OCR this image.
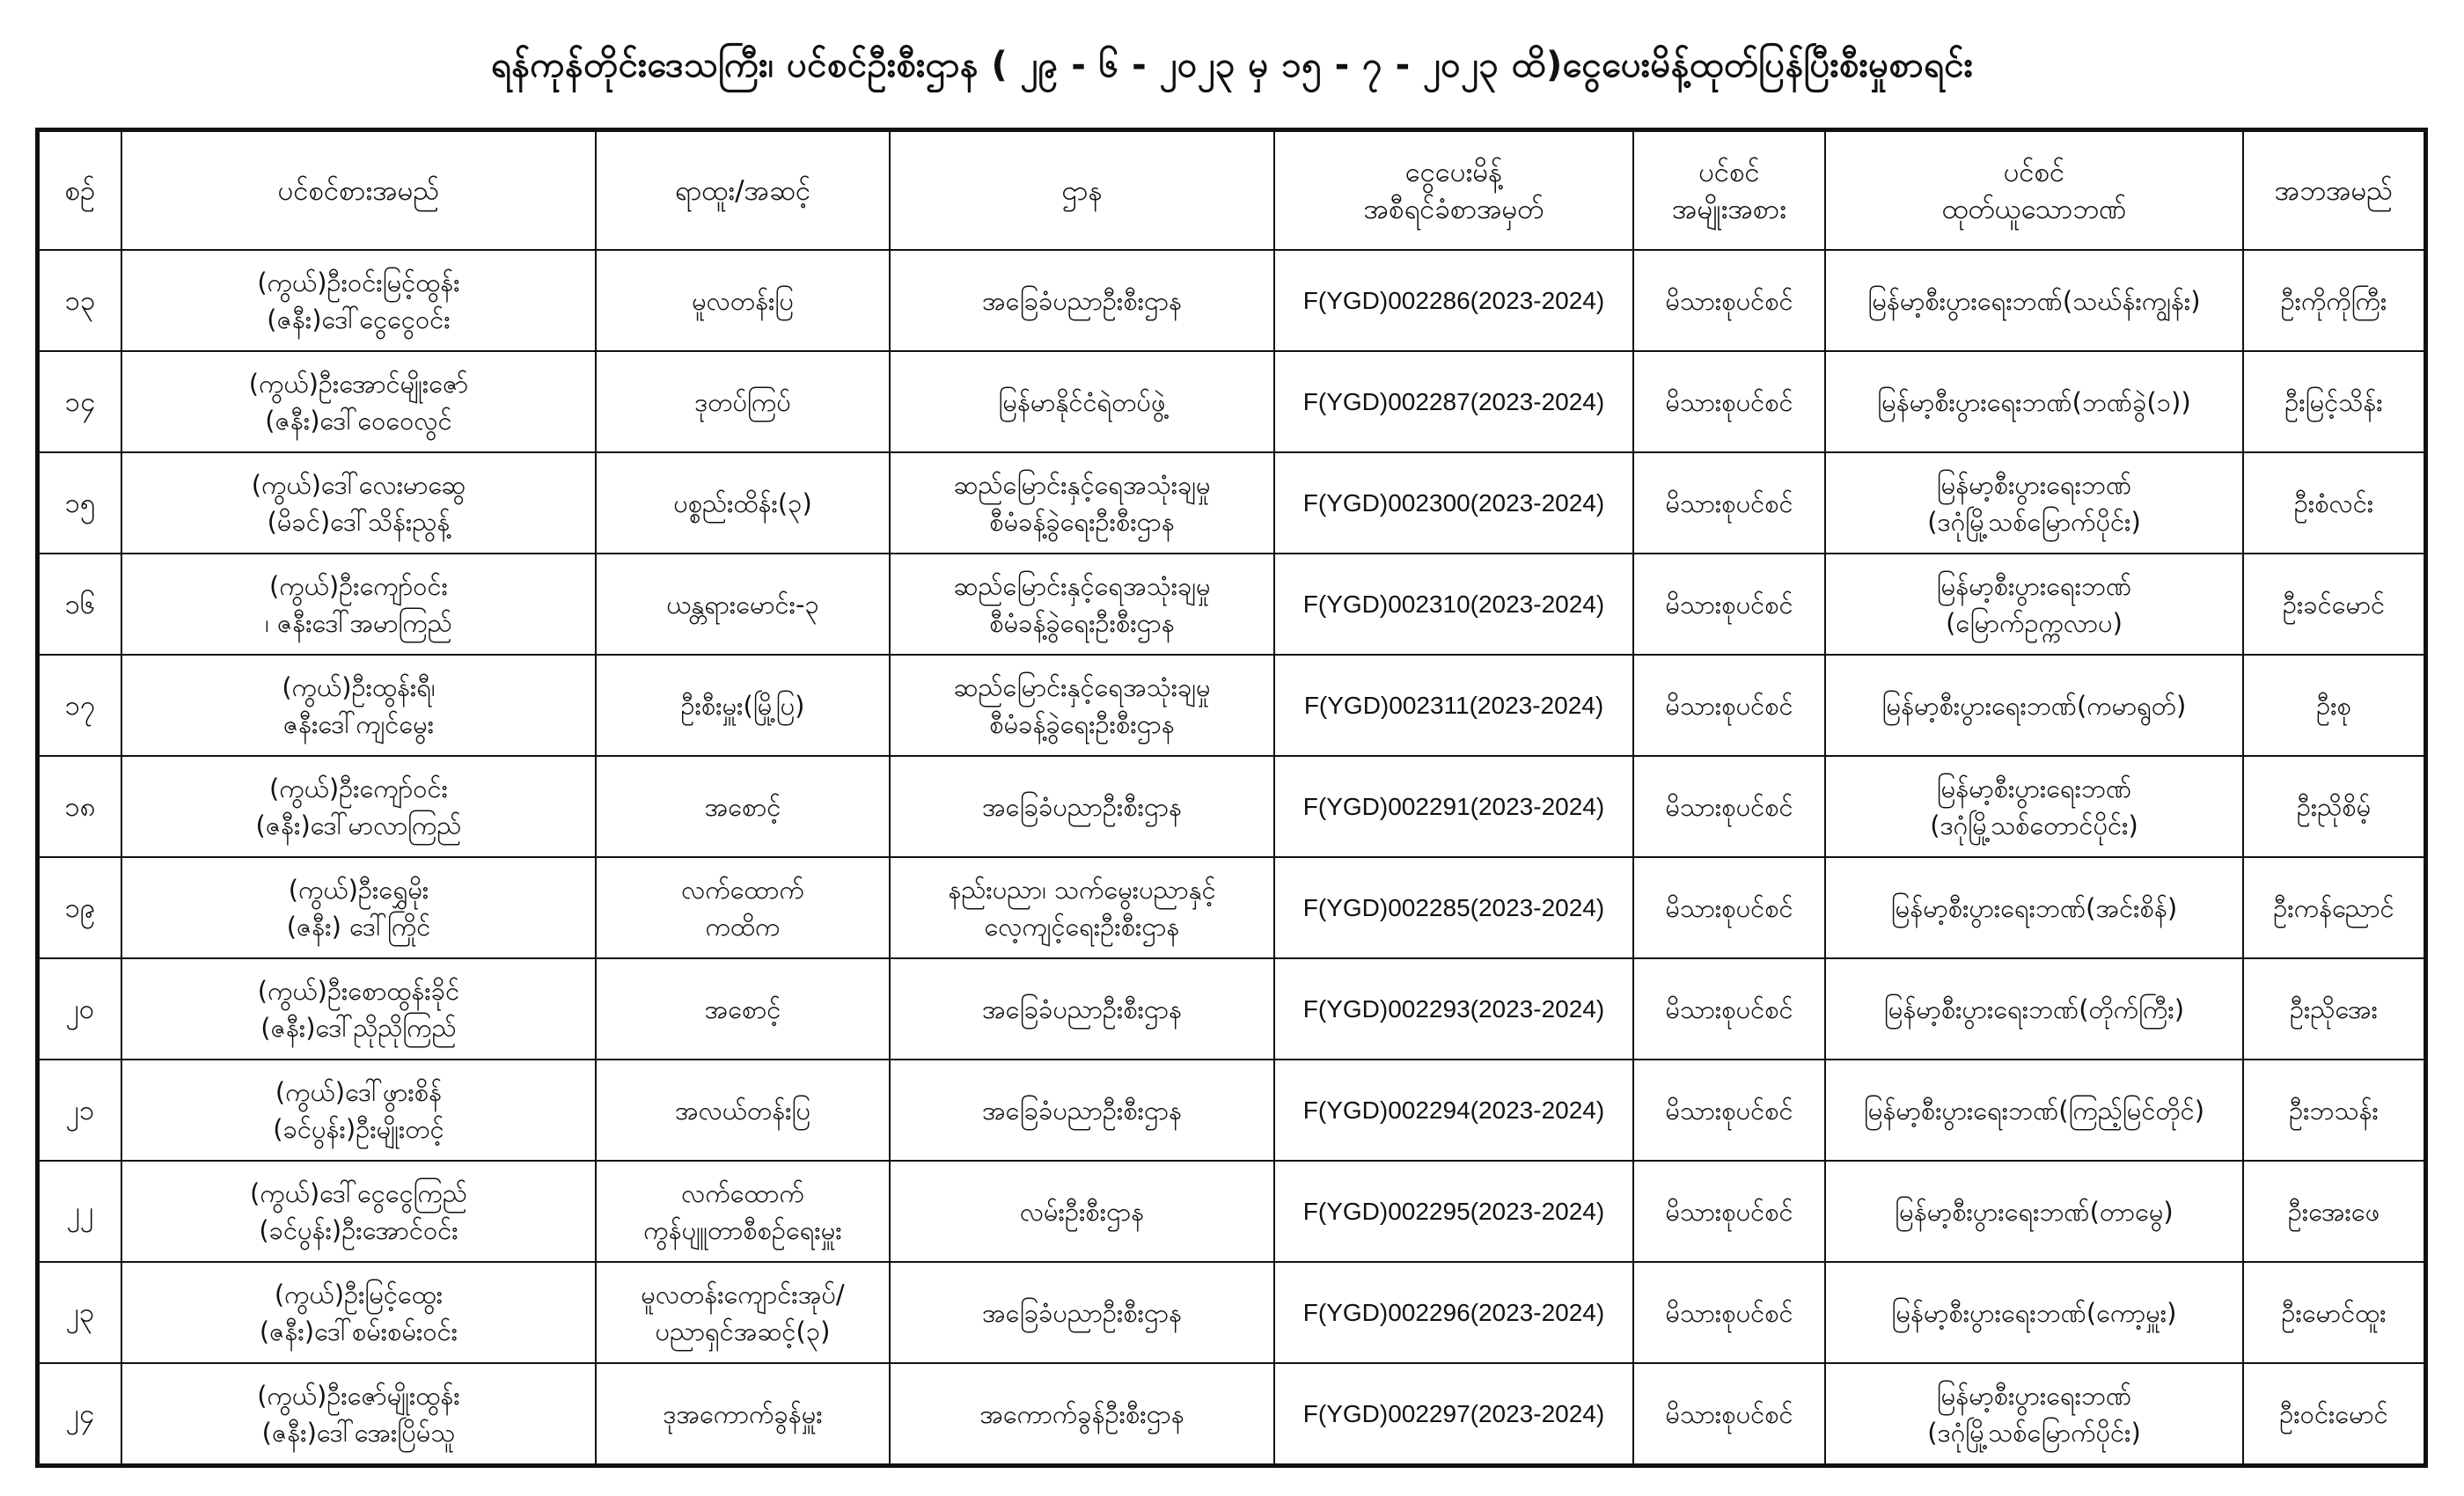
ရန်ကုန်တိုင်းဒေသကြီး၊ ပင်စင်ဦးစီးဌာန ( ၂၉ - ၆ - ၂၀၂၃ မှ ၁၅ - ၇ - ၂၀၂၃ ထိ)ငွေပေးမိန့်ထုတ်ပြန်ပြီးစီးမှုစာရင်း
စဉ်	ပင်စင်စားအမည်	ရာထူး/အဆင့်	ဌာန	ငွေပေးမိန့်
အစီရင်ခံစာအမှတ်	ပင်စင်
အမျိုးအစား	ပင်စင်
ထုတ်ယူသောဘဏ်	အဘအမည်

၁၃	(ကွယ်)ဦးဝင်းမြင့်ထွန်း
(ဇနီး)ဒေါ်ငွေငွေဝင်း	မူလတန်းပြ	အခြေခံပညာဦးစီးဌာန	F(YGD)002286(2023-2024)	မိသားစုပင်စင်	မြန်မာ့စီးပွားရေးဘဏ်(သဃ်န်းကျွန်း)	ဦးကိုကိုကြီး

၁၄	(ကွယ်)ဦးအောင်မျိုးဇော်
(ဇနီး)ဒေါ်ဝေဝေလွင်	ဒုတပ်ကြပ်	မြန်မာနိုင်ငံရဲတပ်ဖွဲ့	F(YGD)002287(2023-2024)	မိသားစုပင်စင်	မြန်မာ့စီးပွားရေးဘဏ်(ဘဏ်ခွဲ(၁))	ဦးမြင့်သိန်း

၁၅	(ကွယ်)ဒေါ်လေးမာဆွေ
(မိခင်)ဒေါ်သိန်းညွန့်	ပစ္စည်းထိန်း(၃)	ဆည်မြောင်းနှင့်ရေအသုံးချမှု
စီမံခန့်ခွဲရေးဦးစီးဌာန	F(YGD)002300(2023-2024)	မိသားစုပင်စင်	မြန်မာ့စီးပွားရေးဘဏ်
(ဒဂုံမြို့သစ်မြောက်ပိုင်း)	ဦးစံလင်း

၁၆	(ကွယ်)ဦးကျော်ဝင်း
၊ ဇနီးဒေါ်အမာကြည်	ယန္တရားမောင်း-၃	ဆည်မြောင်းနှင့်ရေအသုံးချမှု
စီမံခန့်ခွဲရေးဦးစီးဌာန	F(YGD)002310(2023-2024)	မိသားစုပင်စင်	မြန်မာ့စီးပွားရေးဘဏ်
(မြောက်ဥက္ကလာပ)	ဦးခင်မောင်

၁၇	(ကွယ်)ဦးထွန်းရီ၊
ဇနီးဒေါ်ကျင်မွေး	ဦးစီးမှူး(မြို့ပြ)	ဆည်မြောင်းနှင့်ရေအသုံးချမှု
စီမံခန့်ခွဲရေးဦးစီးဌာန	F(YGD)002311(2023-2024)	မိသားစုပင်စင်	မြန်မာ့စီးပွားရေးဘဏ်(ကမာရွတ်)	ဦးစု

၁၈	(ကွယ်)ဦးကျော်ဝင်း
(ဇနီး)ဒေါ်မာလာကြည်	အစောင့်	အခြေခံပညာဦးစီးဌာန	F(YGD)002291(2023-2024)	မိသားစုပင်စင်	မြန်မာ့စီးပွားရေးဘဏ်
(ဒဂုံမြို့သစ်တောင်ပိုင်း)	ဦးညိုစိမ့်

၁၉	(ကွယ်)ဦးရွှေမိုး
(ဇနီး) ဒေါ်ကြိုင်	လက်ထောက်
ကထိက	နည်းပညာ၊ သက်မွေးပညာနှင့်
လေ့ကျင့်ရေးဦးစီးဌာန	F(YGD)002285(2023-2024)	မိသားစုပင်စင်	မြန်မာ့စီးပွားရေးဘဏ်(အင်းစိန်)	ဦးကန်ညောင်

၂၀	(ကွယ်)ဦးစောထွန်းခိုင်
(ဇနီး)ဒေါ်ညိုညိုကြည်	အစောင့်	အခြေခံပညာဦးစီးဌာန	F(YGD)002293(2023-2024)	မိသားစုပင်စင်	မြန်မာ့စီးပွားရေးဘဏ်(တိုက်ကြီး)	ဦးညိုအေး

၂၁	(ကွယ်)ဒေါ်ဖွားစိန်
(ခင်ပွန်း)ဦးမျိုးတင့်	အလယ်တန်းပြ	အခြေခံပညာဦးစီးဌာန	F(YGD)002294(2023-2024)	မိသားစုပင်စင်	မြန်မာ့စီးပွားရေးဘဏ်(ကြည့်မြင်တိုင်)	ဦးဘသန်း

၂၂	(ကွယ်)ဒေါ်ငွေငွေကြည်
(ခင်ပွန်း)ဦးအောင်ဝင်း	လက်ထောက်
ကွန်ပျူတာစီစဉ်ရေးမှူး	လမ်းဦးစီးဌာန	F(YGD)002295(2023-2024)	မိသားစုပင်စင်	မြန်မာ့စီးပွားရေးဘဏ်(တာမွေ)	ဦးအေးဖေ

၂၃	(ကွယ်)ဦးမြင့်ထွေး
(ဇနီး)ဒေါ်စမ်းစမ်းဝင်း	မူလတန်းကျောင်းအုပ်/
ပညာရှင်အဆင့်(၃)	အခြေခံပညာဦးစီးဌာန	F(YGD)002296(2023-2024)	မိသားစုပင်စင်	မြန်မာ့စီးပွားရေးဘဏ်(ကော့မှူး)	ဦးမောင်ထူး

၂၄	(ကွယ်)ဦးဇော်မျိုးထွန်း
(ဇနီး)ဒေါ်အေးပြိမ်သူ	ဒုအကောက်ခွန်မှူး	အကောက်ခွန်ဦးစီးဌာန	F(YGD)002297(2023-2024)	မိသားစုပင်စင်	မြန်မာ့စီးပွားရေးဘဏ်
(ဒဂုံမြို့သစ်မြောက်ပိုင်း)	ဦးဝင်းမောင်
